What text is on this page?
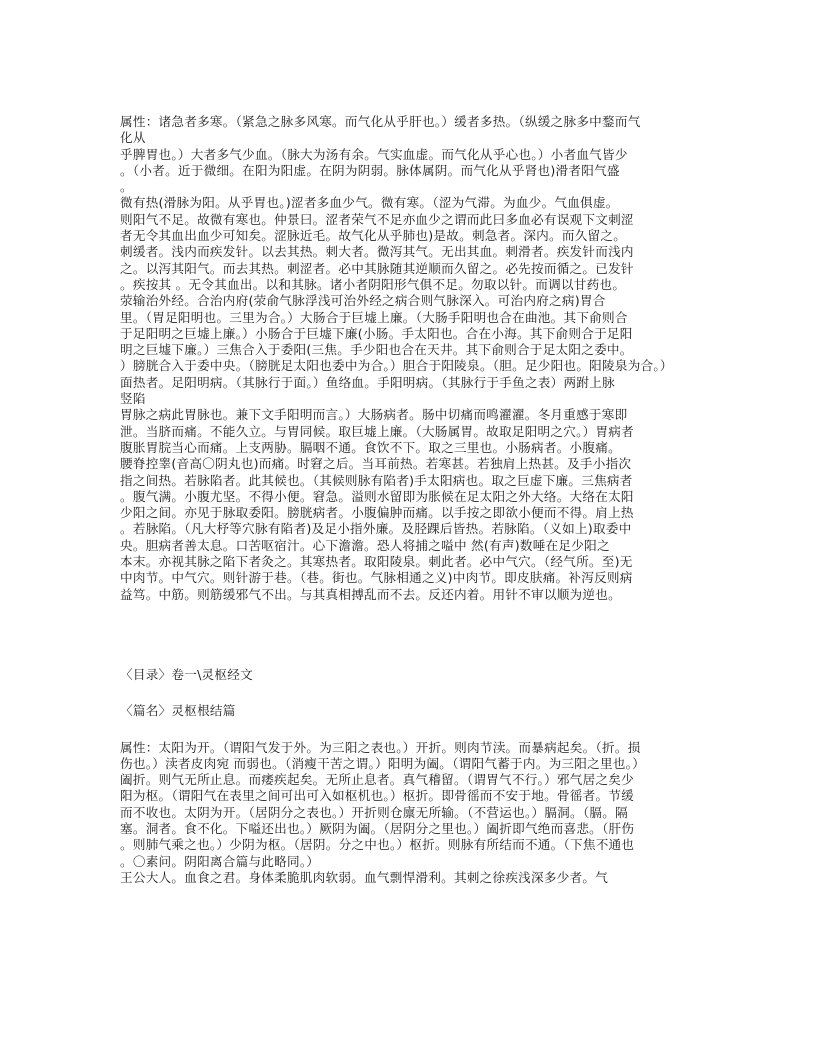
属性：诸急者多寒。（紧急之脉多风寒。而气化从乎肝也。）缓者多热。（纵缓之脉多中鍪而气
化从
乎脾胃也。）大者多气少血。（脉大为汤有余。气实血虚。而气化从乎心也。）小者血气皆少
。（小者。近于微细。在阳为阳虚。在阴为阴弱。脉体属阴。而气化从乎肾也)滑者阳气盛
。
微有热(滑脉为阳。从乎胃也。)涩者多血少气。微有寒。（涩为气滞。为血少。气血俱虚。
则阳气不足。故微有寒也。仲景曰。涩者荣气不足亦血少之谓而此曰多血必有误观下文刺涩
者无令其血出血少可知矣。涩脉近毛。故气化从乎肺也)是故。刺急者。深内。而久留之。
刺缓者。浅内而疾发针。以去其热。刺大者。微泻其气。无出其血。刺滑者。疾发针而浅内
之。以泻其阳气。而去其热。刺涩者。必中其脉随其逆顺而久留之。必先按而循之。已发针
。疾按其 。无令其血出。以和其脉。诸小者阴阳形气俱不足。勿取以针。而调以甘药也。
荥输治外经。合治内府(荥俞气脉浮浅可治外经之病合则气脉深入。可治内府之病)胃合
里。（胃足阳明也。三里为合。）大肠合于巨墟上廉。（大肠手阳明也合在曲池。其下俞则合
于足阳明之巨墟上廉。）小肠合于巨墟下廉(小肠。手太阳也。合在小海。其下俞则合于足阳
明之巨墟下廉。）三焦合入于委阳(三焦。手少阳也合在天井。其下俞则合于足太阳之委中。
）膀胱合入于委中央。（膀胱足太阳也委中为合。）胆合于阳陵泉。（胆。足少阳也。阳陵泉为合。）
面热者。足阳明病。（其脉行于面。）鱼络血。手阳明病。（其脉行于手鱼之表）两跗上脉
竖陷
胃脉之病此胃脉也。兼下文手阳明而言。）大肠病者。肠中切痛而鸣濯濯。冬月重感于寒即
泄。当脐而痛。不能久立。与胃同候。取巨墟上廉。（大肠属胃。故取足阳明之穴。）胃病者
腹胀胃脘当心而痛。上支两胁。膈咽不通。食饮不下。取之三里也。小肠病者。小腹痛。
腰脊控睾(音高〇阴丸也)而痛。时窘之后。当耳前热。若寒甚。若独肩上热甚。及手小指次
指之间热。若脉陷者。此其候也。（其候则脉有陷者)手太阳病也。取之巨虚下廉。三焦病者
。腹气满。小腹尤坚。不得小便。窘急。溢则水留即为胀候在足太阳之外大络。大络在太阳
少阳之间。亦见于脉取委阳。膀胱病者。小腹偏肿而痛。以手按之即欲小便而不得。肩上热
。若脉陷。（凡大杼等穴脉有陷者)及足小指外廉。及胫踝后皆热。若脉陷。（义如上)取委中
央。胆病者善太息。口苦呕宿汁。心下澹澹。恐人将捕之嗌中 然(有声)数唾在足少阳之
本末。亦视其脉之陷下者灸之。其寒热者。取阳陵泉。刺此者。必中气穴。（经气所。至)无
中肉节。中气穴。则针游于巷。（巷。街也。气脉相通之义)中肉节。即皮肤痛。补泻反则病
益笃。中筋。则筋缓邪气不出。与其真相搏乱而不去。反还内着。用针不审以顺为逆也。
〈目录〉卷一\灵枢经文
〈篇名〉灵枢根结篇
属性：太阳为开。（谓阳气发于外。为三阳之表也。）开折。则肉节渎。而暴病起矣。（折。损
伤也。）渎者皮肉宛 而弱也。（消瘦干苦之谓。）阳明为阖。（谓阳气蓄于内。为三阳之里也。）
阖折。则气无所止息。而痿疾起矣。无所止息者。真气稽留。（谓胃气不行。）邪气居之矣少
阳为枢。（谓阳气在表里之间可出可入如枢机也。）枢折。即骨徭而不安于地。骨徭者。节缓
而不收也。太阴为开。（居阴分之表也。）开折则仓廪无所输。（不营运也。）膈洞。（膈。隔
塞。洞者。食不化。下嗌还出也。）厥阴为阖。（居阴分之里也。）阖折即气绝而喜悲。（肝伤
。则肺气乘之也。）少阴为枢。（居阴。分之中也。）枢折。则脉有所结而不通。（下焦不通也
。〇素问。阴阳离合篇与此略同。）
王公大人。血食之君。身体柔脆肌肉软弱。血气剽悍滑利。其刺之徐疾浅深多少者。气
